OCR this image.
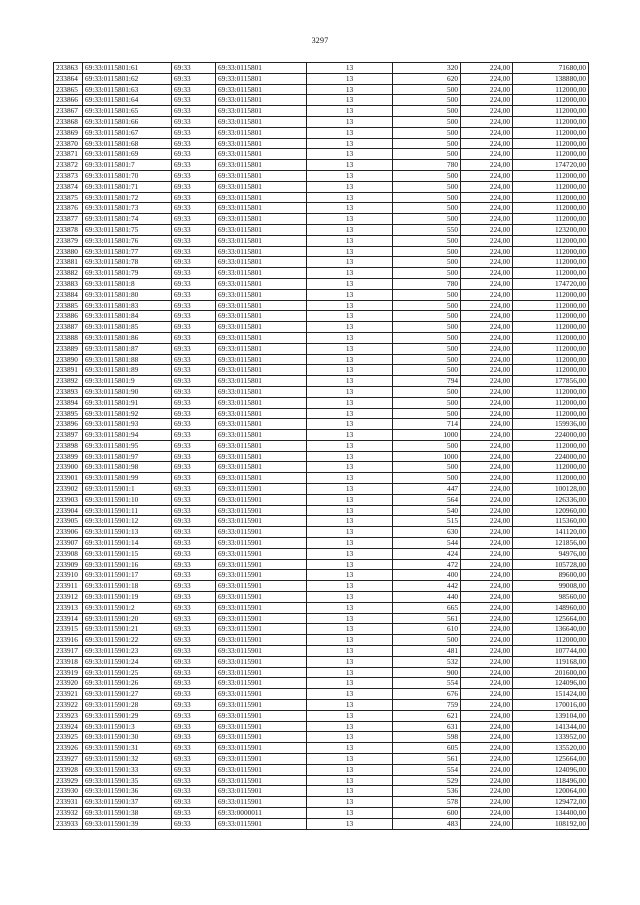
3297
233863	69:33:0115801:61	69:33	69:33:0115801	13	320	224,00	71680,00
233864	69:33:0115801:62	69:33	69:33:0115801	13	620	224,00	138880,00
233865	69:33:0115801:63	69:33	69:33:0115801	13	500	224,00	112000,00
233866	69:33:0115801:64	69:33	69:33:0115801	13	500	224,00	112000,00
233867	69:33:0115801:65	69:33	69:33:0115801	13	500	224,00	112000,00
233868	69:33:0115801:66	69:33	69:33:0115801	13	500	224,00	112000,00
233869	69:33:0115801:67	69:33	69:33:0115801	13	500	224,00	112000,00
233870	69:33:0115801:68	69:33	69:33:0115801	13	500	224,00	112000,00
233871	69:33:0115801:69	69:33	69:33:0115801	13	500	224,00	112000,00
233872	69:33:0115801:7	69:33	69:33:0115801	13	780	224,00	174720,00
233873	69:33:0115801:70	69:33	69:33:0115801	13	500	224,00	112000,00
233874	69:33:0115801:71	69:33	69:33:0115801	13	500	224,00	112000,00
233875	69:33:0115801:72	69:33	69:33:0115801	13	500	224,00	112000,00
233876	69:33:0115801:73	69:33	69:33:0115801	13	500	224,00	112000,00
233877	69:33:0115801:74	69:33	69:33:0115801	13	500	224,00	112000,00
233878	69:33:0115801:75	69:33	69:33:0115801	13	550	224,00	123200,00
233879	69:33:0115801:76	69:33	69:33:0115801	13	500	224,00	112000,00
233880	69:33:0115801:77	69:33	69:33:0115801	13	500	224,00	112000,00
233881	69:33:0115801:78	69:33	69:33:0115801	13	500	224,00	112000,00
233882	69:33:0115801:79	69:33	69:33:0115801	13	500	224,00	112000,00
233883	69:33:0115801:8	69:33	69:33:0115801	13	780	224,00	174720,00
233884	69:33:0115801:80	69:33	69:33:0115801	13	500	224,00	112000,00
233885	69:33:0115801:83	69:33	69:33:0115801	13	500	224,00	112000,00
233886	69:33:0115801:84	69:33	69:33:0115801	13	500	224,00	112000,00
233887	69:33:0115801:85	69:33	69:33:0115801	13	500	224,00	112000,00
233888	69:33:0115801:86	69:33	69:33:0115801	13	500	224,00	112000,00
233889	69:33:0115801:87	69:33	69:33:0115801	13	500	224,00	112000,00
233890	69:33:0115801:88	69:33	69:33:0115801	13	500	224,00	112000,00
233891	69:33:0115801:89	69:33	69:33:0115801	13	500	224,00	112000,00
233892	69:33:0115801:9	69:33	69:33:0115801	13	794	224,00	177856,00
233893	69:33:0115801:90	69:33	69:33:0115801	13	500	224,00	112000,00
233894	69:33:0115801:91	69:33	69:33:0115801	13	500	224,00	112000,00
233895	69:33:0115801:92	69:33	69:33:0115801	13	500	224,00	112000,00
233896	69:33:0115801:93	69:33	69:33:0115801	13	714	224,00	159936,00
233897	69:33:0115801:94	69:33	69:33:0115801	13	1000	224,00	224000,00
233898	69:33:0115801:95	69:33	69:33:0115801	13	500	224,00	112000,00
233899	69:33:0115801:97	69:33	69:33:0115801	13	1000	224,00	224000,00
233900	69:33:0115801:98	69:33	69:33:0115801	13	500	224,00	112000,00
233901	69:33:0115801:99	69:33	69:33:0115801	13	500	224,00	112000,00
233902	69:33:0115901:1	69:33	69:33:0115901	13	447	224,00	100128,00
233903	69:33:0115901:10	69:33	69:33:0115901	13	564	224,00	126336,00
233904	69:33:0115901:11	69:33	69:33:0115901	13	540	224,00	120960,00
233905	69:33:0115901:12	69:33	69:33:0115901	13	515	224,00	115360,00
233906	69:33:0115901:13	69:33	69:33:0115901	13	630	224,00	141120,00
233907	69:33:0115901:14	69:33	69:33:0115901	13	544	224,00	121856,00
233908	69:33:0115901:15	69:33	69:33:0115901	13	424	224,00	94976,00
233909	69:33:0115901:16	69:33	69:33:0115901	13	472	224,00	105728,00
233910	69:33:0115901:17	69:33	69:33:0115901	13	400	224,00	89600,00
233911	69:33:0115901:18	69:33	69:33:0115901	13	442	224,00	99008,00
233912	69:33:0115901:19	69:33	69:33:0115901	13	440	224,00	98560,00
233913	69:33:0115901:2	69:33	69:33:0115901	13	665	224,00	148960,00
233914	69:33:0115901:20	69:33	69:33:0115901	13	561	224,00	125664,00
233915	69:33:0115901:21	69:33	69:33:0115901	13	610	224,00	136640,00
233916	69:33:0115901:22	69:33	69:33:0115901	13	500	224,00	112000,00
233917	69:33:0115901:23	69:33	69:33:0115901	13	481	224,00	107744,00
233918	69:33:0115901:24	69:33	69:33:0115901	13	532	224,00	119168,00
233919	69:33:0115901:25	69:33	69:33:0115901	13	900	224,00	201600,00
233920	69:33:0115901:26	69:33	69:33:0115901	13	554	224,00	124096,00
233921	69:33:0115901:27	69:33	69:33:0115901	13	676	224,00	151424,00
233922	69:33:0115901:28	69:33	69:33:0115901	13	759	224,00	170016,00
233923	69:33:0115901:29	69:33	69:33:0115901	13	621	224,00	139104,00
233924	69:33:0115901:3	69:33	69:33:0115901	13	631	224,00	141344,00
233925	69:33:0115901:30	69:33	69:33:0115901	13	598	224,00	133952,00
233926	69:33:0115901:31	69:33	69:33:0115901	13	605	224,00	135520,00
233927	69:33:0115901:32	69:33	69:33:0115901	13	561	224,00	125664,00
233928	69:33:0115901:33	69:33	69:33:0115901	13	554	224,00	124096,00
233929	69:33:0115901:35	69:33	69:33:0115901	13	529	224,00	118496,00
233930	69:33:0115901:36	69:33	69:33:0115901	13	536	224,00	120064,00
233931	69:33:0115901:37	69:33	69:33:0115901	13	578	224,00	129472,00
233932	69:33:0115901:38	69:33	69:33:0000011	13	600	224,00	134400,00
233933	69:33:0115901:39	69:33	69:33:0115901	13	483	224,00	108192,00
